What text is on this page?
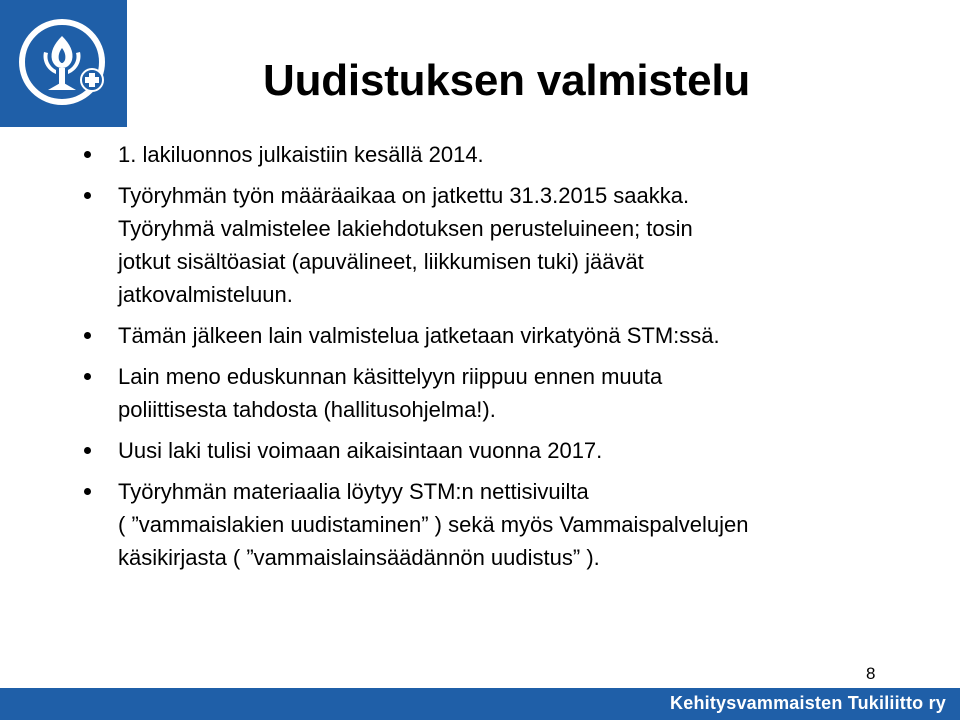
Uudistuksen valmistelu
1. lakiluonnos julkaistiin kesällä 2014.
Työryhmän työn määräaikaa on jatkettu 31.3.2015 saakka.
Työryhmä valmistelee lakiehdotuksen perusteluineen; tosin
jotkut sisältöasiat (apuvälineet, liikkumisen tuki) jäävät
jatkovalmisteluun.
Tämän jälkeen lain valmistelua jatketaan virkatyönä STM:ssä.
Lain meno eduskunnan käsittelyyn riippuu ennen muuta
poliittisesta tahdosta (hallitusohjelma!).
Uusi laki tulisi voimaan aikaisintaan vuonna 2017.
Työryhmän materiaalia löytyy STM:n nettisivuilta
( ”vammaislakien uudistaminen” ) sekä myös Vammaispalvelujen
käsikirjasta ( ”vammaislainsäädännön uudistus” ).
8
Kehitysvammaisten Tukiliitto ry
